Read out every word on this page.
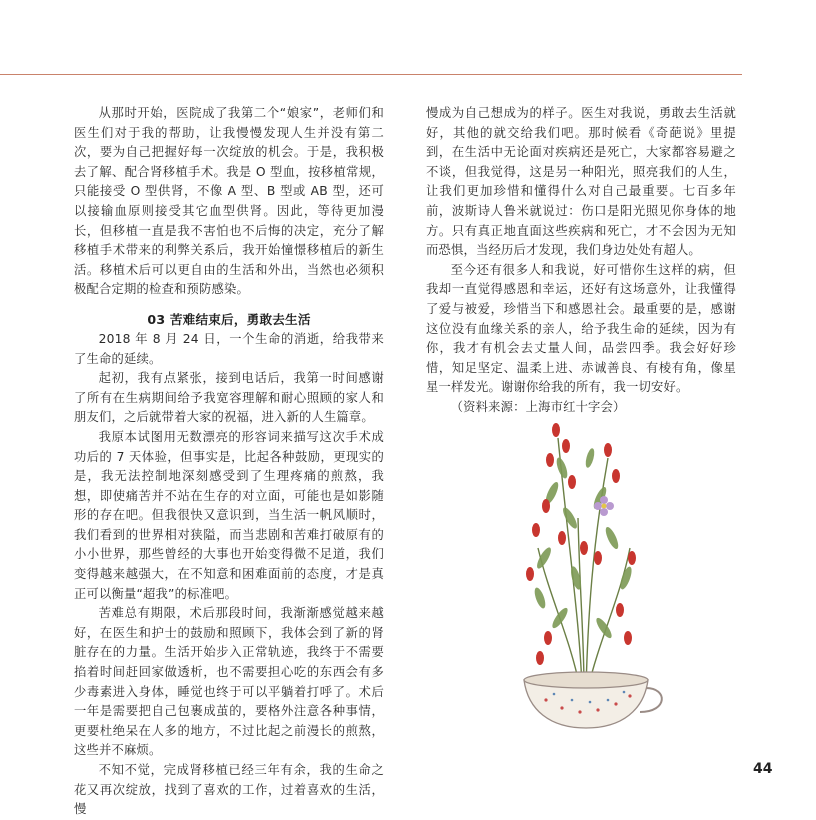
从那时开始，医院成了我第二个“娘家”，老师们和医生们对于我的帮助，让我慢慢发现人生并没有第二次，要为自己把握好每一次绽放的机会。于是，我积极去了解、配合肾移植手术。我是 O 型血，按移植常规，只能接受 O 型供肾，不像 A 型、B 型或 AB 型，还可以接输血原则接受其它血型供肾。因此，等待更加漫长，但移植一直是我不害怕也不后悔的决定，充分了解移植手术带来的利弊关系后，我开始憧憬移植后的新生活。移植术后可以更自由的生活和外出，当然也必须积极配合定期的检查和预防感染。

03 苦难结束后，勇敢去生活

2018 年 8 月 24 日，一个生命的消逝，给我带来了生命的延续。

起初，我有点紧张，接到电话后，我第一时间感谢了所有在生病期间给予我宽容理解和耐心照顾的家人和朋友们，之后就带着大家的祝福，进入新的人生篇章。

我原本试图用无数漂亮的形容词来描写这次手术成功后的 7 天体验，但事实是，比起各种鼓励，更现实的是，我无法控制地深刻感受到了生理疼痛的煎熬，我想，即使痛苦并不站在生存的对立面，可能也是如影随形的存在吧。但我很快又意识到，当生活一帆风顺时，我们看到的世界相对狭隘，而当悲剧和苦难打破原有的小小世界，那些曾经的大事也开始变得微不足道，我们变得越来越强大，在不知意和困难面前的态度，才是真正可以衡量“超我”的标准吧。

苦难总有期限，术后那段时间，我渐渐感觉越来越好，在医生和护士的鼓励和照顾下，我体会到了新的肾脏存在的力量。生活开始步入正常轨迹，我终于不需要掐着时间赶回家做透析，也不需要担心吃的东西会有多少毒素进入身体，睡觉也终于可以平躺着打呼了。术后一年是需要把自己包裹成茧的，要格外注意各种事情，更要杜绝呆在人多的地方，不过比起之前漫长的煎熬，这些并不麻烦。

不知不觉，完成肾移植已经三年有余，我的生命之花又再次绽放，找到了喜欢的工作，过着喜欢的生活，慢

慢成为自己想成为的样子。医生对我说，勇敢去生活就好，其他的就交给我们吧。那时候看《奇葩说》里提到，在生活中无论面对疾病还是死亡，大家都容易避之不谈，但我觉得，这是另一种阳光，照亮我们的人生，让我们更加珍惜和懂得什么对自己最重要。七百多年前，波斯诗人鲁米就说过：伤口是阳光照见你身体的地方。只有真正地直面这些疾病和死亡，才不会因为无知而恐惧，当经历后才发现，我们身边处处有超人。

至今还有很多人和我说，好可惜你生这样的病，但我却一直觉得感恩和幸运，还好有这场意外，让我懂得了爱与被爱，珍惜当下和感恩社会。最重要的是，感谢这位没有血缘关系的亲人，给予我生命的延续，因为有你，我才有机会去丈量人间，品尝四季。我会好好珍惜，知足坚定、温柔上进、赤诚善良、有棱有角，像星星一样发光。谢谢你给我的所有，我一切安好。

（资料来源：上海市红十字会）

44
